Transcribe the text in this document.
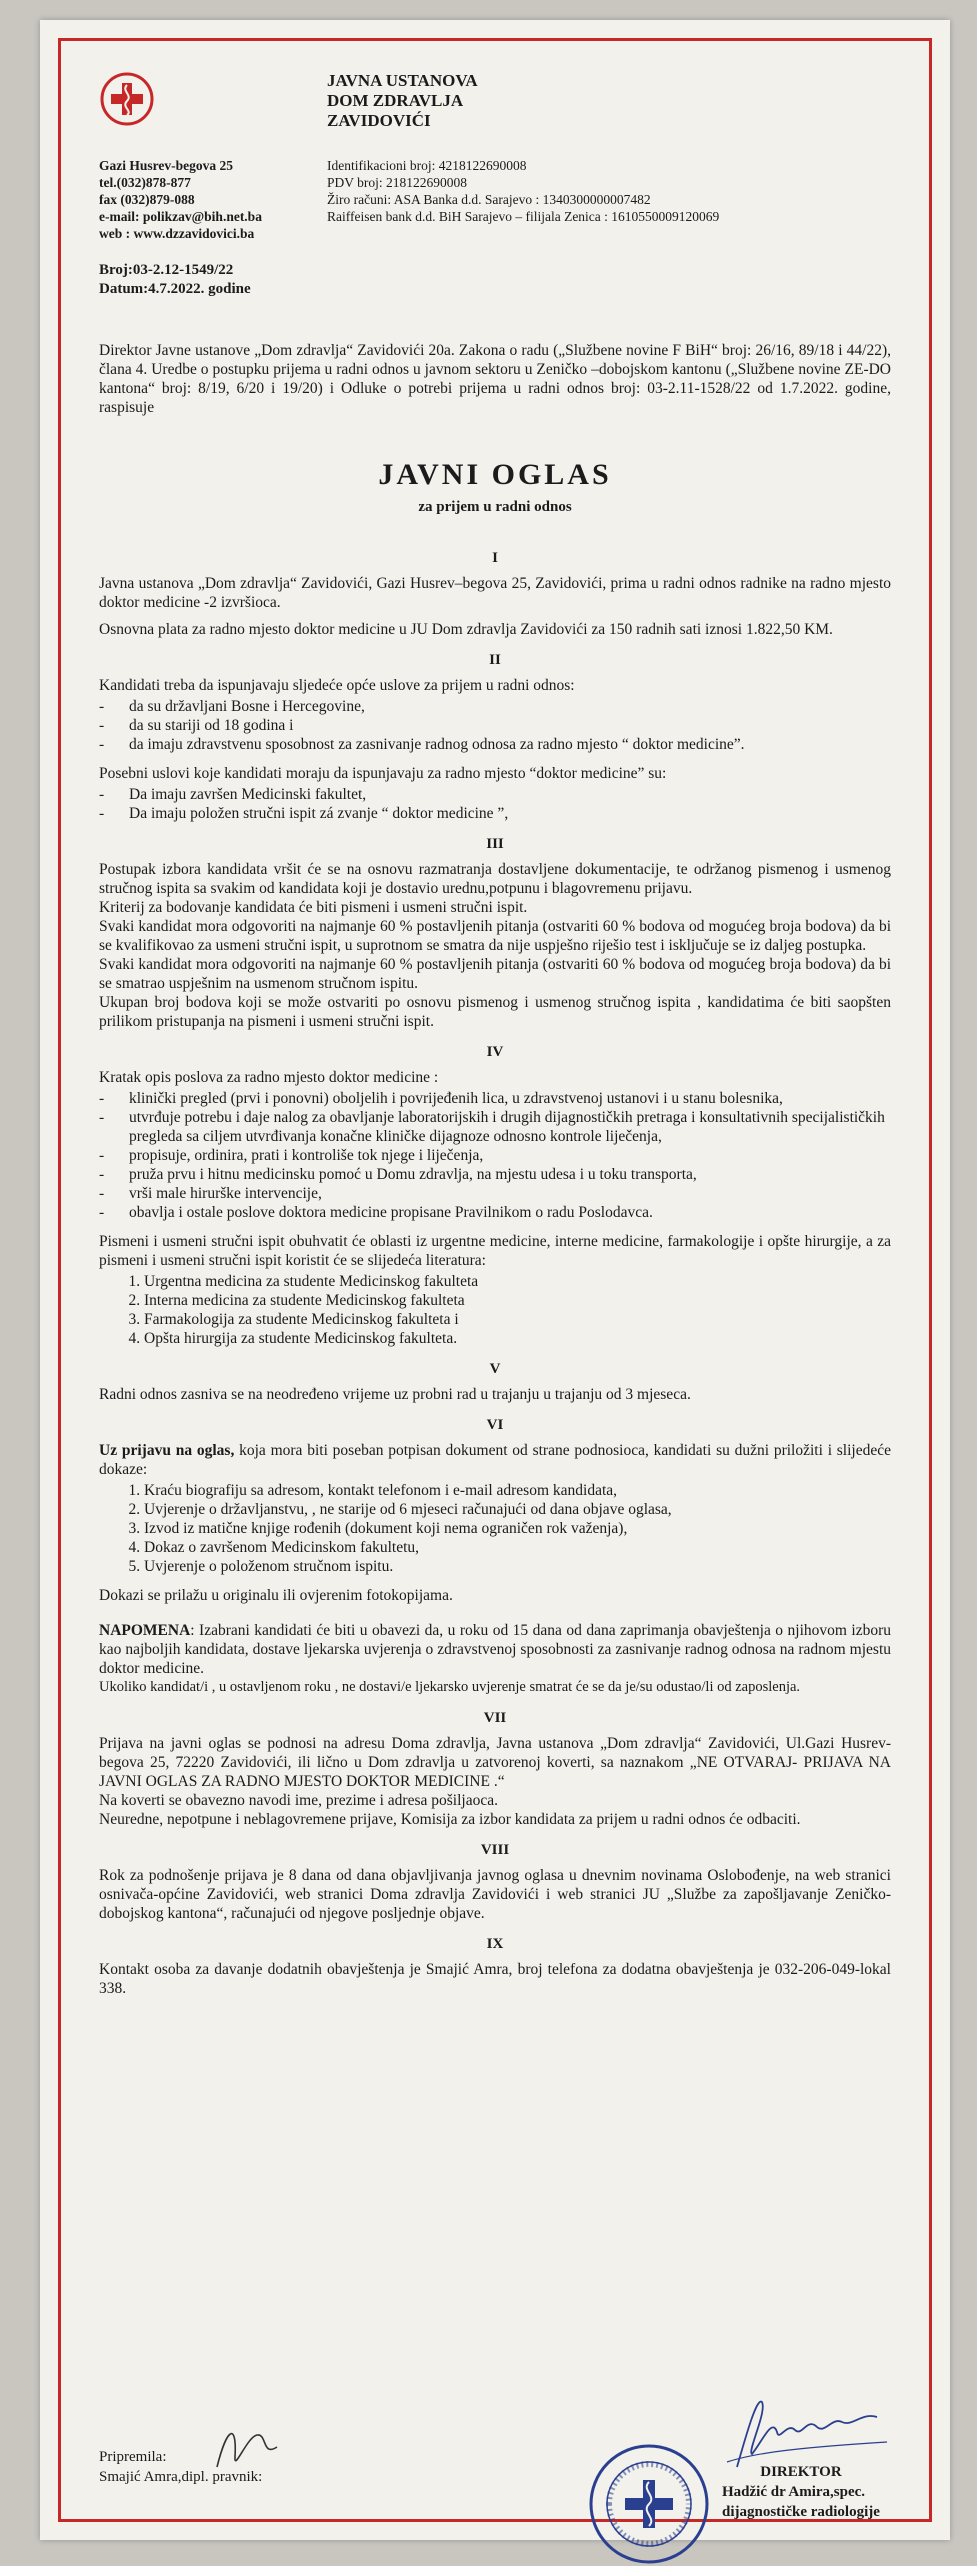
JAVNA USTANOVA
DOM ZDRAVLJA
ZAVIDOVIĆI
Gazi Husrev-begova 25
tel.(032)878-877
fax (032)879-088
e-mail: polikzav@bih.net.ba
web : www.dzzavidovici.ba
Identifikacioni broj: 4218122690008
PDV broj: 218122690008
Žiro računi: ASA Banka d.d. Sarajevo : 1340300000007482
Raiffeisen bank d.d. BiH Sarajevo – filijala Zenica : 1610550009120069
Broj:03-2.12-1549/22
Datum:4.7.2022. godine

Direktor Javne ustanove „Dom zdravlja“ Zavidovići 20a. Zakona o radu („Službene novine F BiH“ broj: 26/16, 89/18 i 44/22), člana 4. Uredbe o postupku prijema u radni odnos u javnom sektoru u Zeničko –dobojskom kantonu („Službene novine ZE-DO kantona“ broj: 8/19, 6/20 i 19/20) i Odluke o potrebi prijema u radni odnos broj: 03-2.11-1528/22 od 1.7.2022. godine, raspisuje

JAVNI OGLAS
za prijem u radni odnos
I

Javna ustanova „Dom zdravlja“ Zavidovići, Gazi Husrev–begova 25, Zavidovići, prima u radni odnos radnike na radno mjesto doktor medicine -2 izvršioca.

Osnovna plata za radno mjesto doktor medicine u JU Dom zdravlja Zavidovići za 150 radnih sati iznosi 1.822,50 KM.

II

Kandidati treba da ispunjavaju sljedeće opće uslove za prijem u radni odnos:

- da su državljani Bosne i Hercegovine,
- da su stariji od 18 godina i
- da imaju zdravstvenu sposobnost za zasnivanje radnog odnosa za radno mjesto “ doktor medicine”.

Posebni uslovi koje kandidati moraju da ispunjavaju za radno mjesto “doktor medicine” su:

- Da imaju završen Medicinski fakultet,
- Da imaju položen stručni ispit zá zvanje “ doktor medicine ”,
III

Postupak izbora kandidata vršit će se na osnovu razmatranja dostavljene dokumentacije, te održanog pismenog i usmenog stručnog ispita sa svakim od kandidata koji je dostavio urednu,potpunu i blagovremenu prijavu.

Kriterij za bodovanje kandidata će biti pismeni i usmeni stručni ispit.

Svaki kandidat mora odgovoriti na najmanje 60 % postavljenih pitanja (ostvariti 60 % bodova od mogućeg broja bodova) da bi se kvalifikovao za usmeni stručni ispit, u suprotnom se smatra da nije uspješno riješio test i isključuje se iz daljeg postupka.

Svaki kandidat mora odgovoriti na najmanje 60 % postavljenih pitanja (ostvariti 60 % bodova od mogućeg broja bodova) da bi se smatrao uspješnim na usmenom stručnom ispitu.

Ukupan broj bodova koji se može ostvariti po osnovu pismenog i usmenog stručnog ispita , kandidatima će biti saopšten prilikom pristupanja na pismeni i usmeni stručni ispit.

IV

Kratak opis poslova za radno mjesto doktor medicine :

- klinički pregled (prvi i ponovni) oboljelih i povrijeđenih lica, u zdravstvenoj ustanovi i u stanu bolesnika,
- utvrđuje potrebu i daje nalog za obavljanje laboratorijskih i drugih dijagnostičkih pretraga i konsultativnih specijalističkih pregleda sa ciljem utvrđivanja konačne kliničke dijagnoze odnosno kontrole liječenja,
- propisuje, ordinira, prati i kontroliše tok njege i liječenja,
- pruža prvu i hitnu medicinsku pomoć u Domu zdravlja, na mjestu udesa i u toku transporta,
- vrši male hirurške intervencije,
- obavlja i ostale poslove doktora medicine propisane Pravilnikom o radu Poslodavca.

Pismeni i usmeni stručni ispit obuhvatit će oblasti iz urgentne medicine, interne medicine, farmakologije i opšte hirurgije, a za pismeni i usmeni stručni ispit koristit će se slijedeća literatura:

1. Urgentna medicina za studente Medicinskog fakulteta
2. Interna medicina za studente Medicinskog fakulteta
3. Farmakologija za studente Medicinskog fakulteta i
4. Opšta hirurgija za studente Medicinskog fakulteta.
V

Radni odnos zasniva se na neodređeno vrijeme uz probni rad u trajanju u trajanju od 3 mjeseca.

VI

Uz prijavu na oglas, koja mora biti poseban potpisan dokument od strane podnosioca, kandidati su dužni priložiti i slijedeće dokaze:

1. Kraću biografiju sa adresom, kontakt telefonom i e-mail adresom kandidata,
2. Uvjerenje o državljanstvu, , ne starije od 6 mjeseci računajući od dana objave oglasa,
3. Izvod iz matične knjige rođenih (dokument koji nema ograničen rok važenja),
4. Dokaz o završenom Medicinskom fakultetu,
5. Uvjerenje o položenom stručnom ispitu.

Dokazi se prilažu u originalu ili ovjerenim fotokopijama.

NAPOMENA: Izabrani kandidati će biti u obavezi da, u roku od 15 dana od dana zaprimanja obavještenja o njihovom izboru kao najboljih kandidata, dostave ljekarska uvjerenja o zdravstvenoj sposobnosti za zasnivanje radnog odnosa na radnom mjestu doktor medicine.

Ukoliko kandidat/i , u ostavljenom roku , ne dostavi/e ljekarsko uvjerenje smatrat će se da je/su odustao/li od zaposlenja.

VII

Prijava na javni oglas se podnosi na adresu Doma zdravlja, Javna ustanova „Dom zdravlja“ Zavidovići, Ul.Gazi Husrev-begova 25, 72220 Zavidovići, ili lično u Dom zdravlja u zatvorenoj koverti, sa naznakom „NE OTVARAJ- PRIJAVA NA JAVNI OGLAS ZA RADNO MJESTO DOKTOR MEDICINE .“

Na koverti se obavezno navodi ime, prezime i adresa pošiljaoca.

Neuredne, nepotpune i neblagovremene prijave, Komisija za izbor kandidata za prijem u radni odnos će odbaciti.

VIII

Rok za podnošenje prijava je 8 dana od dana objavljivanja javnog oglasa u dnevnim novinama Oslobođenje, na web stranici osnivača-općine Zavidovići, web stranici Doma zdravlja Zavidovići i web stranici JU „Službe za zapošljavanje Zeničko-dobojskog kantona“, računajući od njegove posljednje objave.

IX

Kontakt osoba za davanje dodatnih obavještenja je Smajić Amra, broj telefona za dodatna obavještenja je 032-206-049-lokal 338.

Pripremila:
Smajić Amra,dipl. pravnik:	DIREKTOR
Hadžić dr Amira,spec.
dijagnostičke radiologije
